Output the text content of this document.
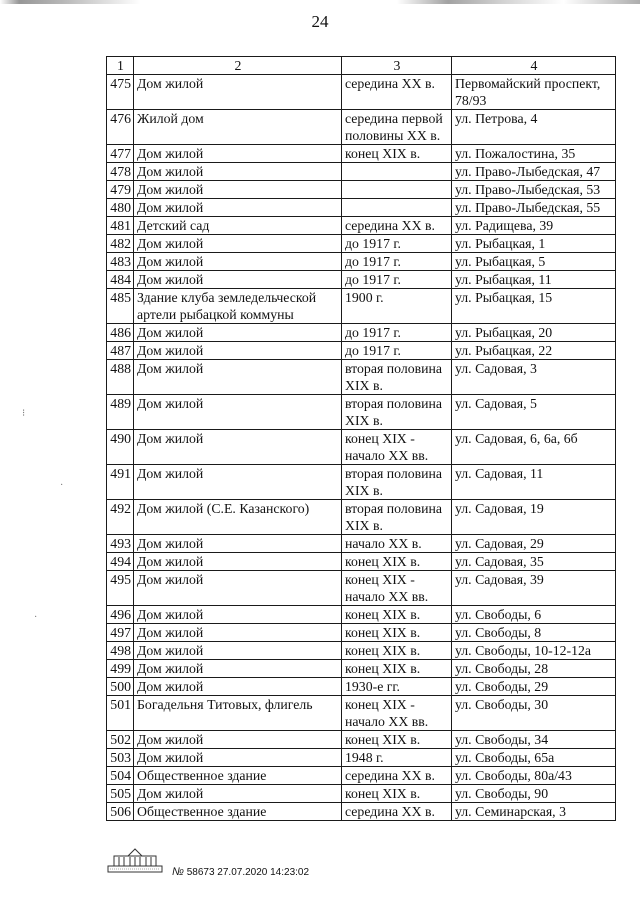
24
⁝
·
·
1	2	3	4
475	Дом жилой	середина XX в.	Первомайский проспект, 78/93
476	Жилой дом	середина первой половины XX в.	ул. Петрова, 4
477	Дом жилой	конец XIX в.	ул. Пожалостина, 35
478	Дом жилой		ул. Право-Лыбедская, 47
479	Дом жилой		ул. Право-Лыбедская, 53
480	Дом жилой		ул. Право-Лыбедская, 55
481	Детский сад	середина XX в.	ул. Радищева, 39
482	Дом жилой	до 1917 г.	ул. Рыбацкая, 1
483	Дом жилой	до 1917 г.	ул. Рыбацкая, 5
484	Дом жилой	до 1917 г.	ул. Рыбацкая, 11
485	Здание клуба земледельческой артели рыбацкой коммуны	1900 г.	ул. Рыбацкая, 15
486	Дом жилой	до 1917 г.	ул. Рыбацкая, 20
487	Дом жилой	до 1917 г.	ул. Рыбацкая, 22
488	Дом жилой	вторая половина XIX в.	ул. Садовая, 3
489	Дом жилой	вторая половина XIX в.	ул. Садовая, 5
490	Дом жилой	конец XIX - начало XX вв.	ул. Садовая, 6, 6а, 6б
491	Дом жилой	вторая половина XIX в.	ул. Садовая, 11
492	Дом жилой (С.Е. Казанского)	вторая половина XIX в.	ул. Садовая, 19
493	Дом жилой	начало XX в.	ул. Садовая, 29
494	Дом жилой	конец XIX в.	ул. Садовая, 35
495	Дом жилой	конец XIX - начало XX вв.	ул. Садовая, 39
496	Дом жилой	конец XIX в.	ул. Свободы, 6
497	Дом жилой	конец XIX в.	ул. Свободы, 8
498	Дом жилой	конец XIX в.	ул. Свободы, 10-12-12а
499	Дом жилой	конец XIX в.	ул. Свободы, 28
500	Дом жилой	1930-е гг.	ул. Свободы, 29
501	Богадельня Титовых, флигель	конец XIX - начало XX вв.	ул. Свободы, 30
502	Дом жилой	конец XIX в.	ул. Свободы, 34
503	Дом жилой	1948 г.	ул. Свободы, 65а
504	Общественное здание	середина XX в.	ул. Свободы, 80а/43
505	Дом жилой	конец XIX в.	ул. Свободы, 90
506	Общественное здание	середина XX в.	ул. Семинарская, 3
№ 58673 27.07.2020 14:23:02
